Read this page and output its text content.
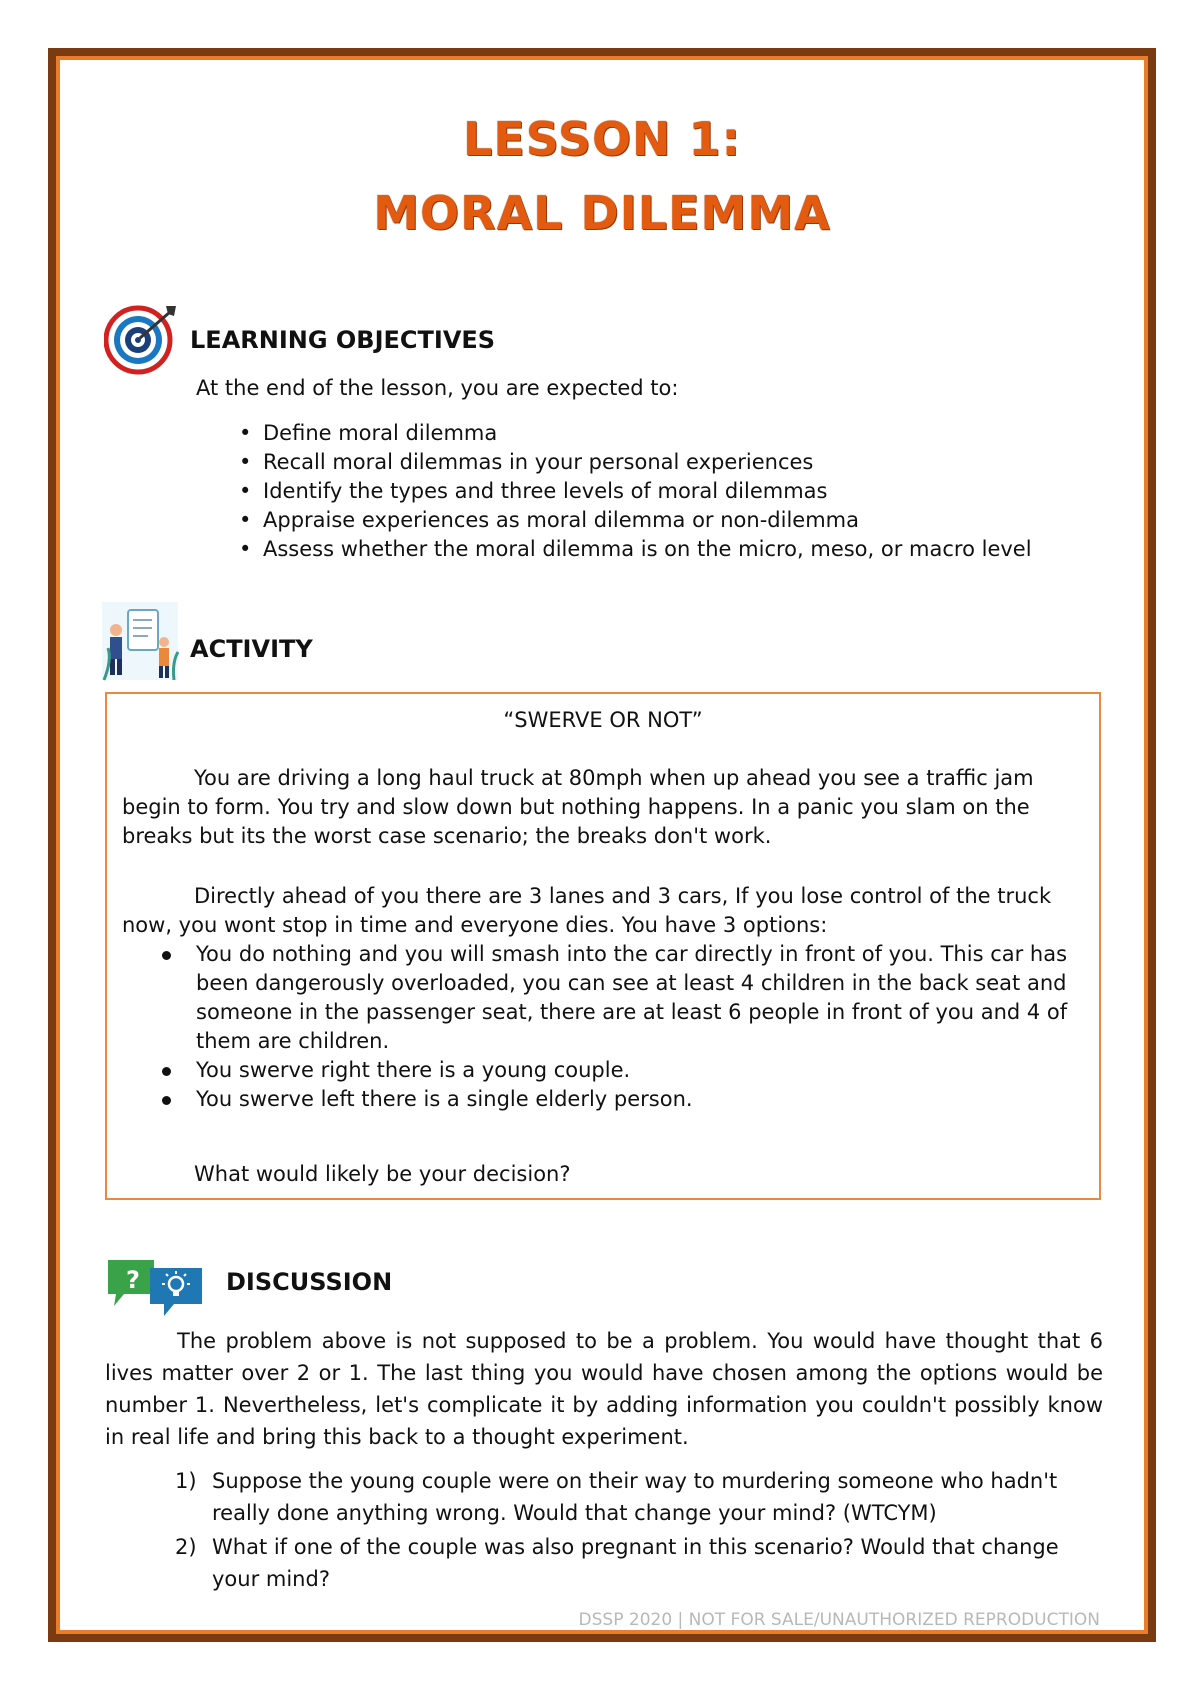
LESSON 1:
MORAL DILEMMA
LEARNING OBJECTIVES
At the end of the lesson, you are expected to:
• Define moral dilemma
• Recall moral dilemmas in your personal experiences
• Identify the types and three levels of moral dilemmas
• Appraise experiences as moral dilemma or non-dilemma
• Assess whether the moral dilemma is on the micro, meso, or macro level
ACTIVITY
“SWERVE OR NOT”
You are driving a long haul truck at 80mph when up ahead you see a traffic jam begin to form. You try and slow down but nothing happens. In a panic you slam on the breaks but its the worst case scenario; the breaks don't work.
Directly ahead of you there are 3 lanes and 3 cars, If you lose control of the truck now, you wont stop in time and everyone dies. You have 3 options:
You do nothing and you will smash into the car directly in front of you. This car has been dangerously overloaded, you can see at least 4 children in the back seat and someone in the passenger seat, there are at least 6 people in front of you and 4 of them are children.
You swerve right there is a young couple.
You swerve left there is a single elderly person.
What would likely be your decision?
?	DISCUSSION
The problem above is not supposed to be a problem. You would have thought that 6 lives matter over 2 or 1. The last thing you would have chosen among the options would be number 1. Nevertheless, let's complicate it by adding information you couldn't possibly know in real life and bring this back to a thought experiment.
1) Suppose the young couple were on their way to murdering someone who hadn't really done anything wrong. Would that change your mind? (WTCYM)
2) What if one of the couple was also pregnant in this scenario? Would that change your mind?
DSSP 2020 | NOT FOR SALE/UNAUTHORIZED REPRODUCTION
